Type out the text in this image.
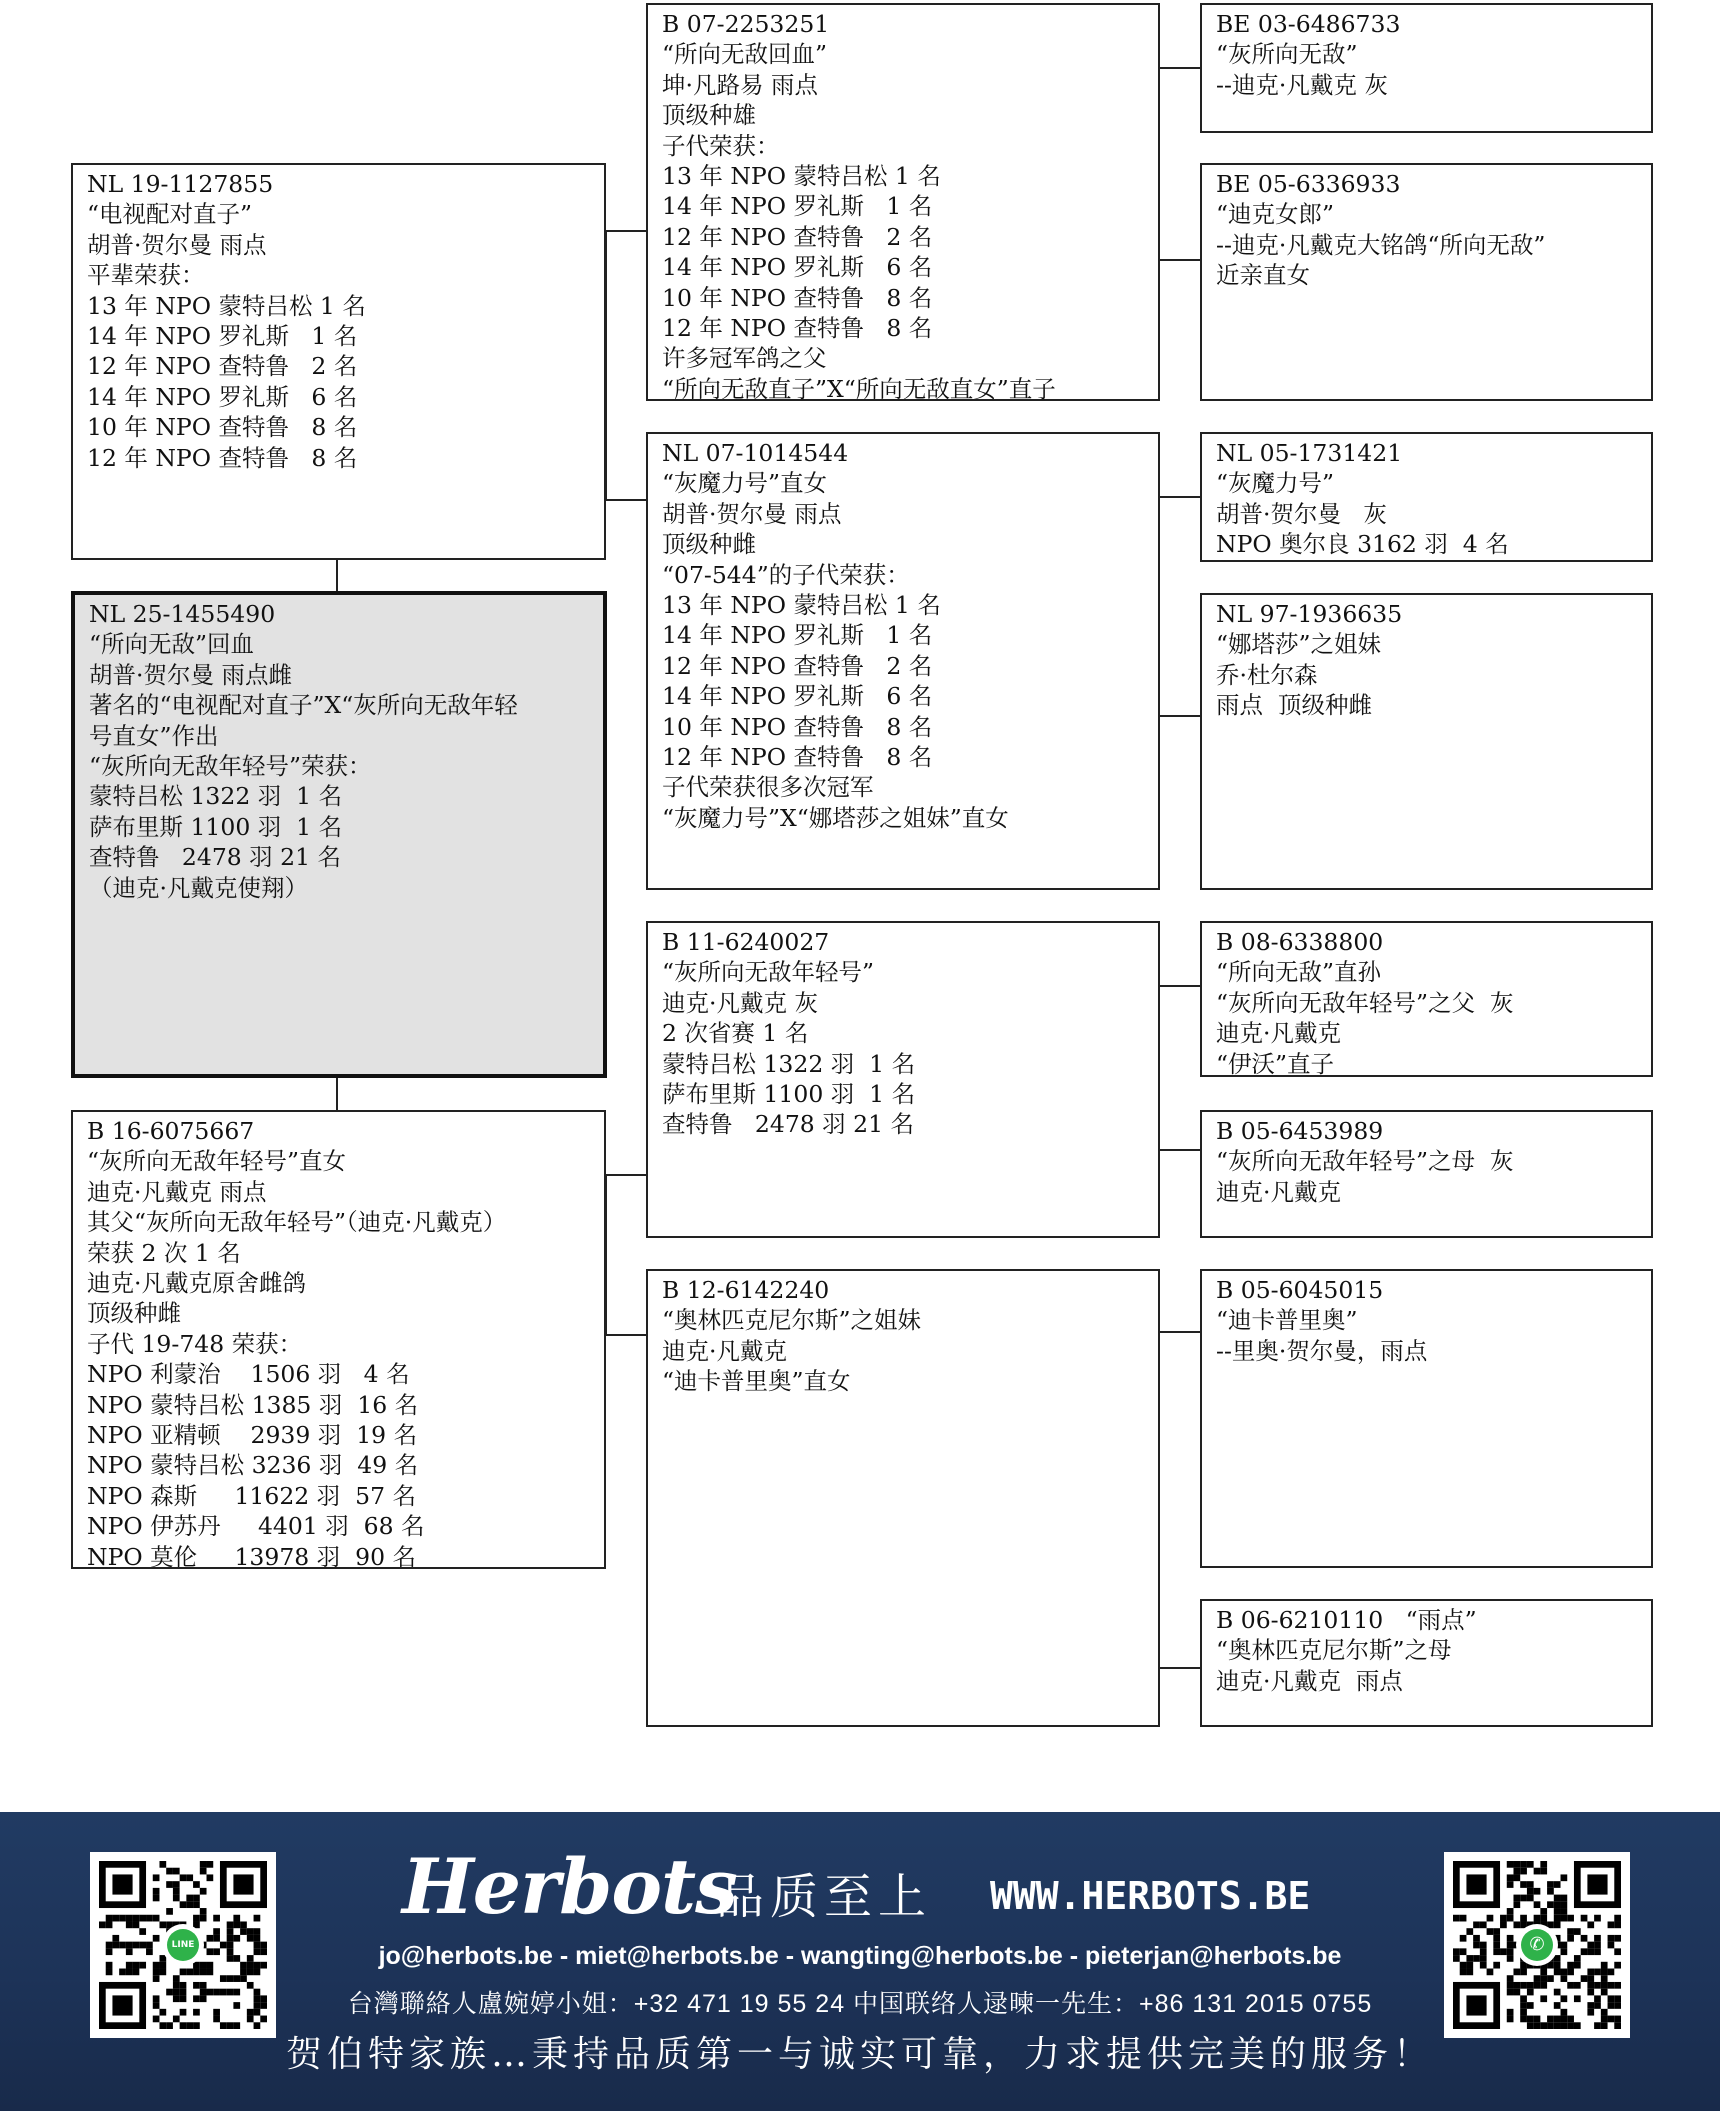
NL 19-1127855
“电视配对直子”
胡普·贺尔曼 雨点
平辈荣获：
13 年 NPO 蒙特吕松 1 名
14 年 NPO 罗礼斯   1 名
12 年 NPO 查特鲁   2 名
14 年 NPO 罗礼斯   6 名
10 年 NPO 查特鲁   8 名
12 年 NPO 查特鲁   8 名
NL 25-1455490
“所向无敌”回血
胡普·贺尔曼 雨点雌
著名的“电视配对直子”X“灰所向无敌年轻
号直女”作出
“灰所向无敌年轻号”荣获：
蒙特吕松 1322 羽  1 名
萨布里斯 1100 羽  1 名
查特鲁   2478 羽 21 名
（迪克·凡戴克使翔）
B 16-6075667
“灰所向无敌年轻号”直女
迪克·凡戴克 雨点
其父“灰所向无敌年轻号”（迪克·凡戴克）
荣获 2 次 1 名
迪克·凡戴克原舍雌鸽
顶级种雌
子代 19-748 荣获：
NPO 利蒙治    1506 羽   4 名
NPO 蒙特吕松 1385 羽  16 名
NPO 亚精顿    2939 羽  19 名
NPO 蒙特吕松 3236 羽  49 名
NPO 森斯     11622 羽  57 名
NPO 伊苏丹     4401 羽  68 名
NPO 莫伦     13978 羽  90 名
B 07-2253251
“所向无敌回血”
坤·凡路易 雨点
顶级种雄
子代荣获：
13 年 NPO 蒙特吕松 1 名
14 年 NPO 罗礼斯   1 名
12 年 NPO 查特鲁   2 名
14 年 NPO 罗礼斯   6 名
10 年 NPO 查特鲁   8 名
12 年 NPO 查特鲁   8 名
许多冠军鸽之父
“所向无敌直子”X“所向无敌直女”直子
NL 07-1014544
“灰魔力号”直女
胡普·贺尔曼 雨点
顶级种雌
“07-544”的子代荣获：
13 年 NPO 蒙特吕松 1 名
14 年 NPO 罗礼斯   1 名
12 年 NPO 查特鲁   2 名
14 年 NPO 罗礼斯   6 名
10 年 NPO 查特鲁   8 名
12 年 NPO 查特鲁   8 名
子代荣获很多次冠军
“灰魔力号”X“娜塔莎之姐妹”直女
B 11-6240027
“灰所向无敌年轻号”
迪克·凡戴克 灰
2 次省赛 1 名
蒙特吕松 1322 羽  1 名
萨布里斯 1100 羽  1 名
查特鲁   2478 羽 21 名
B 12-6142240
“奥林匹克尼尔斯”之姐妹
迪克·凡戴克
“迪卡普里奥”直女
BE 03-6486733
“灰所向无敌”
--迪克·凡戴克 灰
BE 05-6336933
“迪克女郎”
--迪克·凡戴克大铭鸽“所向无敌”
近亲直女
NL 05-1731421
“灰魔力号”
胡普·贺尔曼   灰
NPO 奥尔良 3162 羽  4 名
NL 97-1936635
“娜塔莎”之姐妹
乔·杜尔森
雨点  顶级种雌
B 08-6338800
“所向无敌”直孙
“灰所向无敌年轻号”之父  灰
迪克·凡戴克
“伊沃”直子
B 05-6453989
“灰所向无敌年轻号”之母  灰
迪克·凡戴克
B 05-6045015
“迪卡普里奥”
--里奥·贺尔曼，雨点
B 06-6210110   “雨点”
“奥林匹克尼尔斯”之母
迪克·凡戴克  雨点
LINE
Herbots
品质至上 WWW.HERBOTS.BE
jo@herbots.be - miet@herbots.be - wangting@herbots.be - pieterjan@herbots.be
台灣聯絡人盧婉婷小姐：+32 471 19 55 24 中国联络人逯暕一先生：+86 131 2015 0755
贺伯特家族…秉持品质第一与诚实可靠，力求提供完美的服务！
✆
